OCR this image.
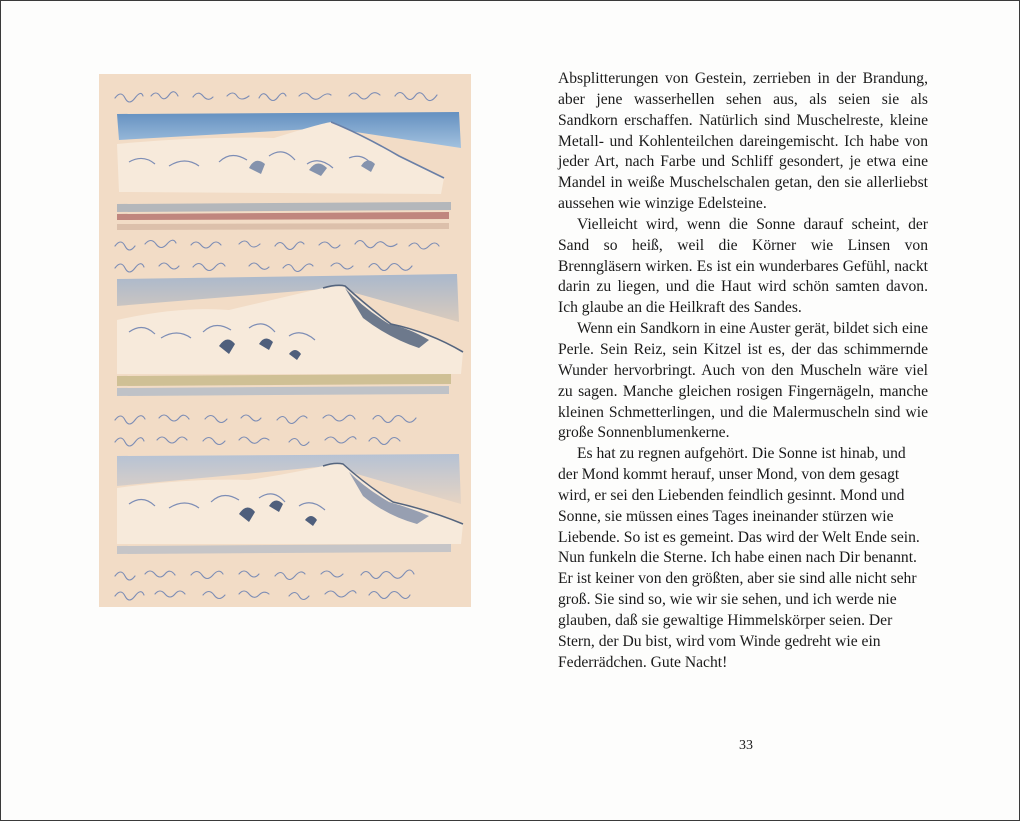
Absplitterungen von Gestein, zerrieben in der Brandung, aber jene wasserhellen sehen aus, als seien sie als Sandkorn erschaffen. Natürlich sind Muschelreste, kleine Metall- und Kohlenteilchen dareingemischt. Ich habe von jeder Art, nach Farbe und Schliff gesondert, je etwa eine Mandel in weiße Muschelschalen getan, den sie allerliebst aussehen wie winzige Edelsteine.

Vielleicht wird, wenn die Sonne darauf scheint, der Sand so heiß, weil die Körner wie Linsen von Brenngläsern wirken. Es ist ein wunderbares Gefühl, nackt darin zu liegen, und die Haut wird schön samten davon. Ich glaube an die Heilkraft des Sandes.

Wenn ein Sandkorn in eine Auster gerät, bildet sich eine Perle. Sein Reiz, sein Kitzel ist es, der das schimmernde Wunder hervorbringt. Auch von den Muscheln wäre viel zu sagen. Manche gleichen rosigen Fingernägeln, manche kleinen Schmetterlingen, und die Malermuscheln sind wie große Sonnenblumenkerne.

Es hat zu regnen aufgehört. Die Sonne ist hinab, und der Mond kommt herauf, unser Mond, von dem gesagt wird, er sei den Liebenden feindlich gesinnt. Mond und Sonne, sie müssen eines Tages ineinander stürzen wie Liebende. So ist es gemeint. Das wird der Welt Ende sein. Nun funkeln die Sterne. Ich habe einen nach Dir benannt. Er ist keiner von den größten, aber sie sind alle nicht sehr groß. Sie sind so, wie wir sie sehen, und ich werde nie glauben, daß sie gewaltige Himmelskörper seien. Der Stern, der Du bist, wird vom Winde gedreht wie ein Federrädchen. Gute Nacht!

33
